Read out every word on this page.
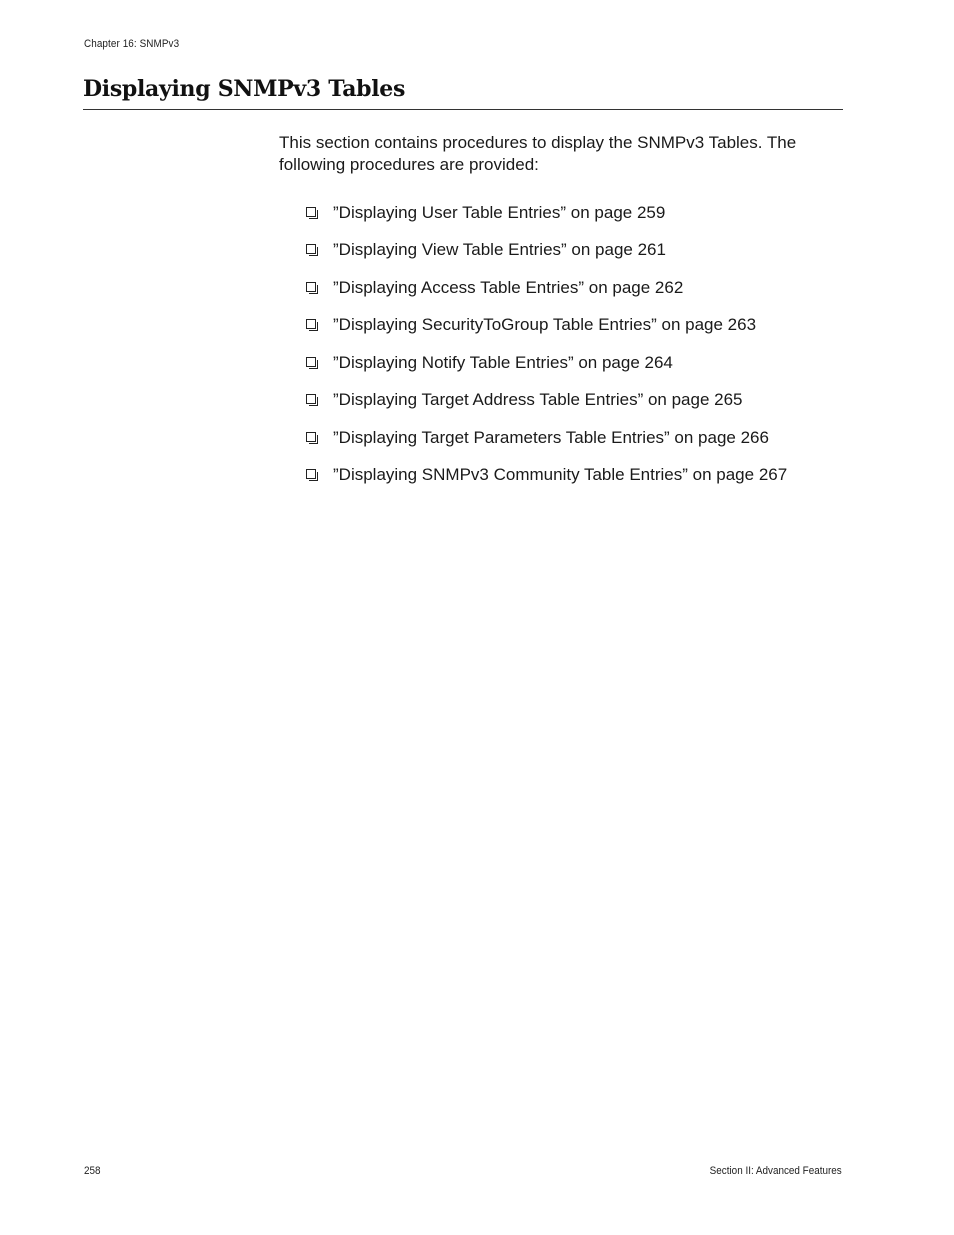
Chapter 16: SNMPv3
Displaying SNMPv3 Tables

This section contains procedures to display the SNMPv3 Tables. The following procedures are provided:

”Displaying User Table Entries” on page 259
”Displaying View Table Entries” on page 261
”Displaying Access Table Entries” on page 262
”Displaying SecurityToGroup Table Entries” on page 263
”Displaying Notify Table Entries” on page 264
”Displaying Target Address Table Entries” on page 265
”Displaying Target Parameters Table Entries” on page 266
”Displaying SNMPv3 Community Table Entries” on page 267
258	Section II: Advanced Features
